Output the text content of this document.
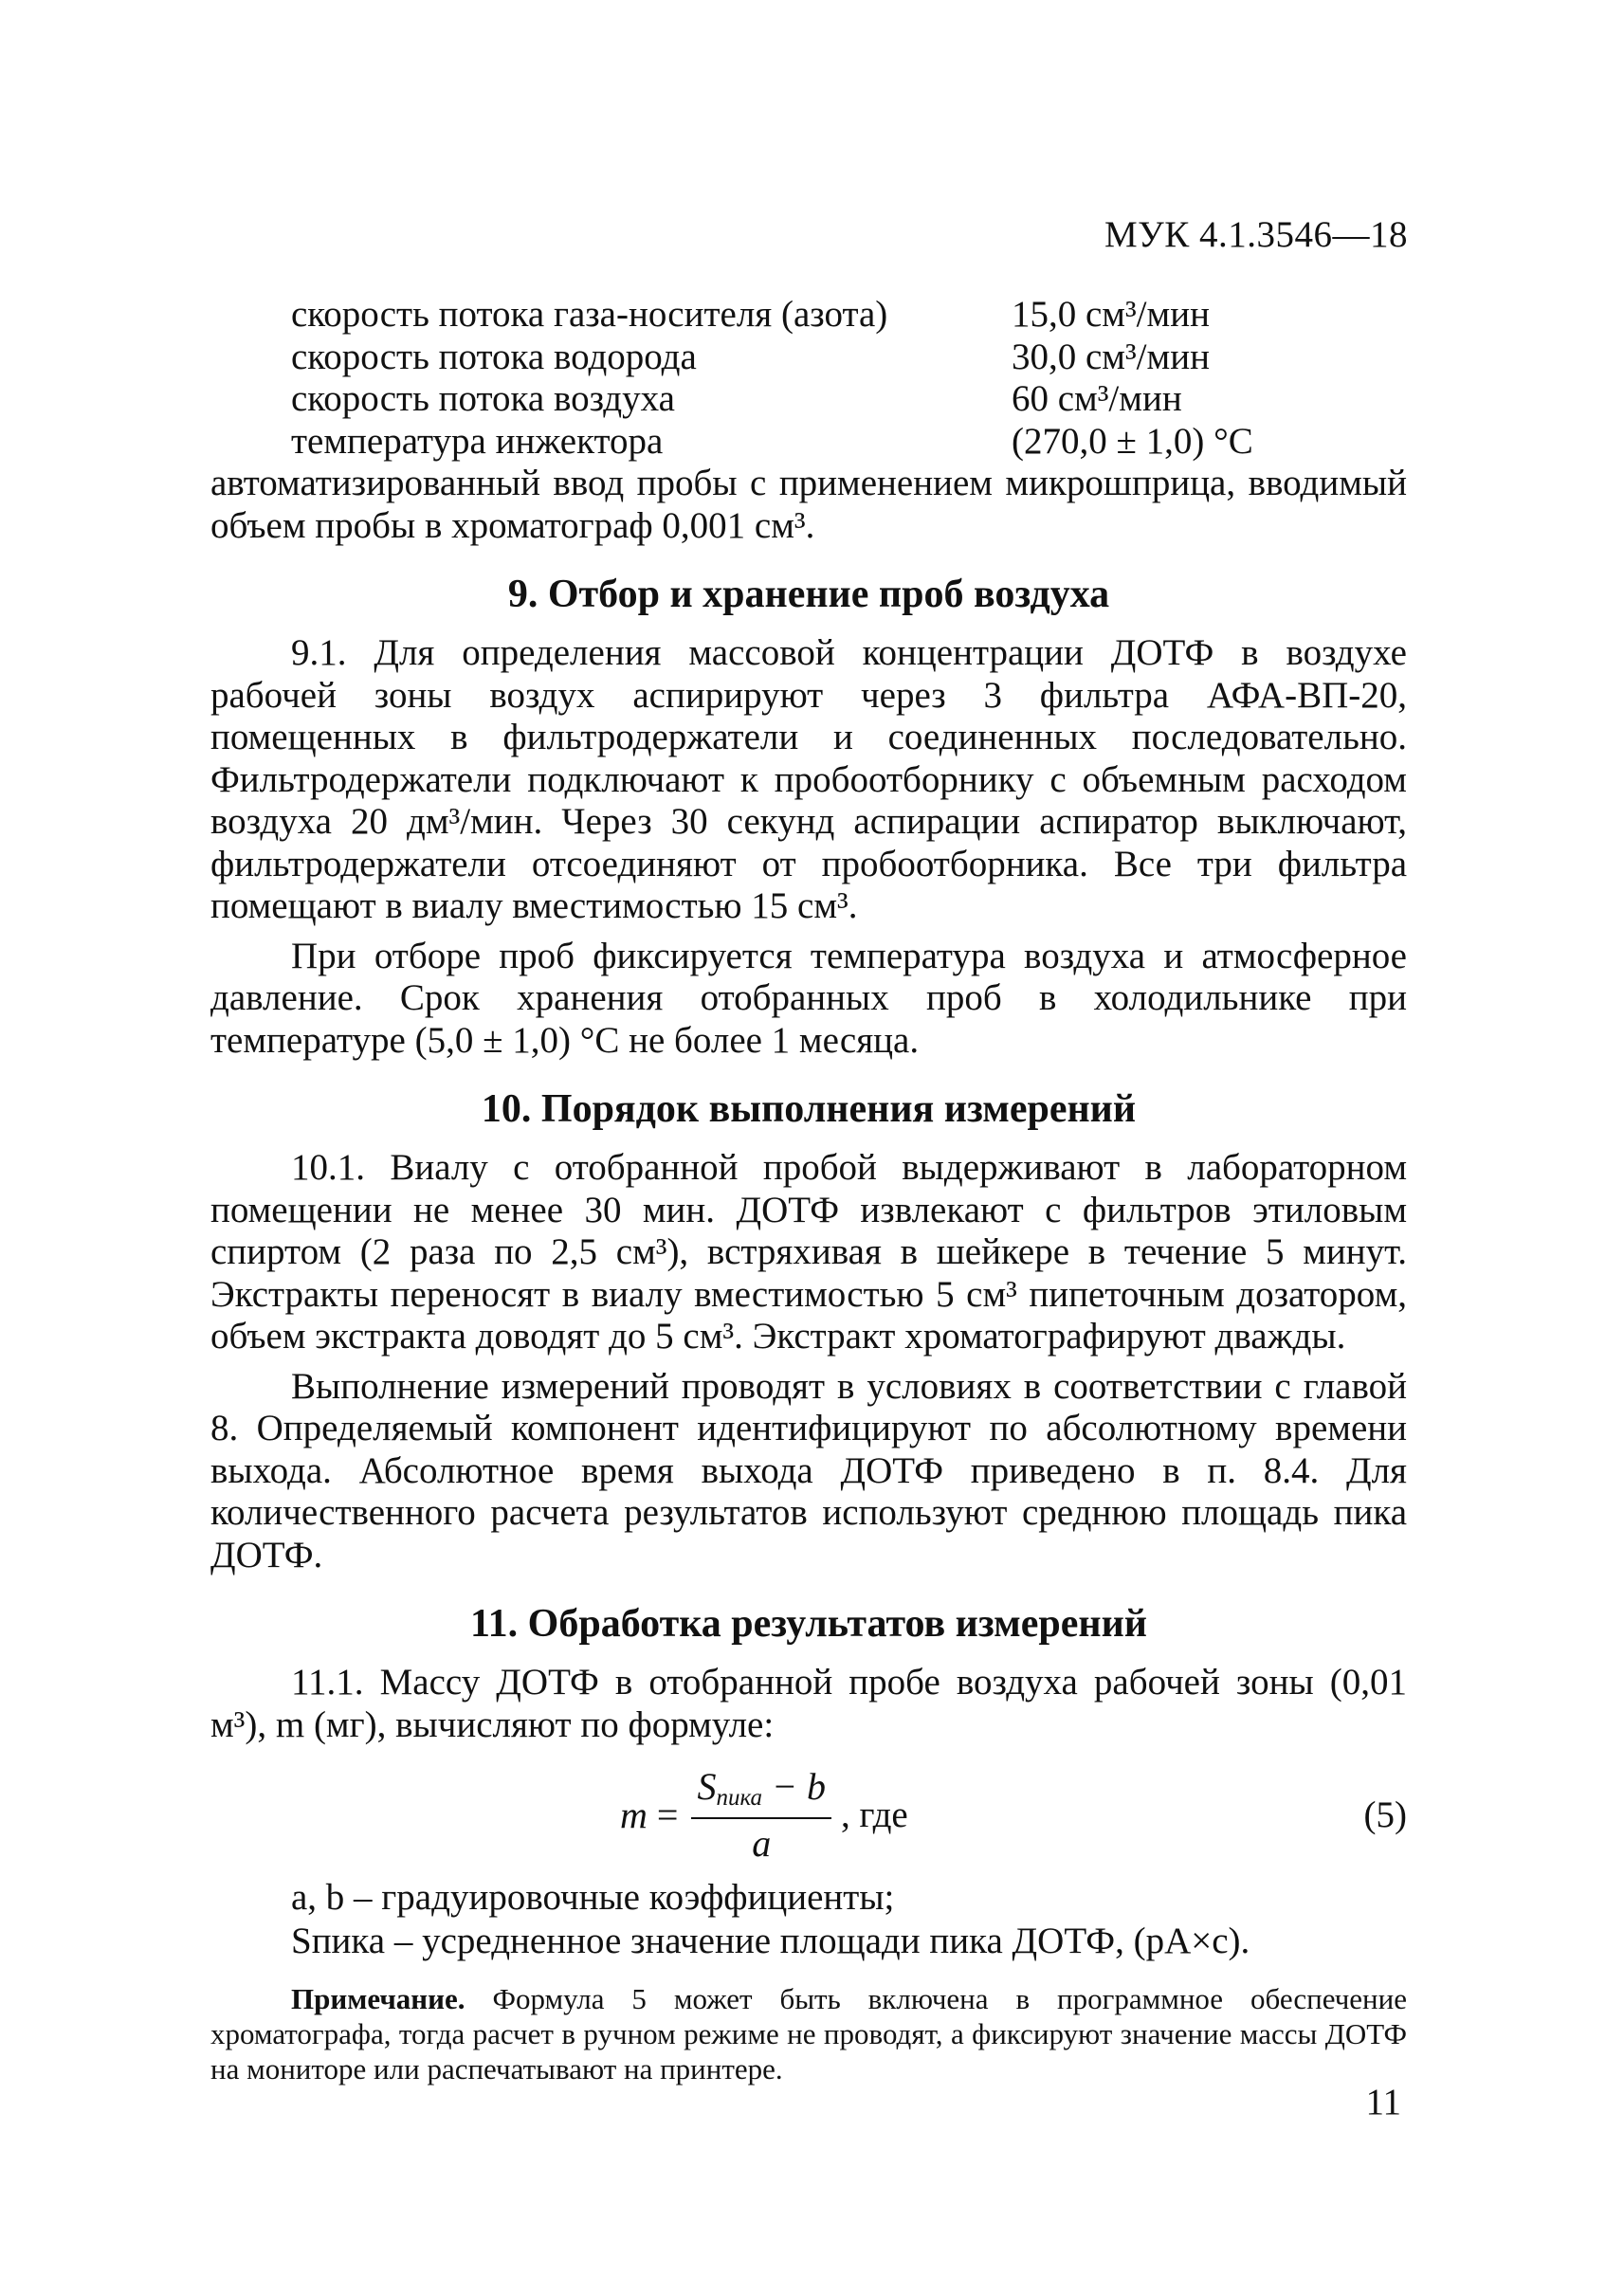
МУК 4.1.3546—18
скорость потока газа-носителя (азота)	15,0 см³/мин
скорость потока водорода	30,0 см³/мин
скорость потока воздуха	60 см³/мин
температура инжектора	(270,0 ± 1,0) °C

автоматизированный ввод пробы с применением микрошприца, вводимый объем пробы в хроматограф 0,001 см³.

9. Отбор и хранение проб воздуха

9.1. Для определения массовой концентрации ДОТФ в воздухе рабочей зоны воздух аспирируют через 3 фильтра АФА-ВП-20, помещенных в фильтродержатели и соединенных последовательно. Фильтродержатели подключают к пробоотборнику с объемным расходом воздуха 20 дм³/мин. Через 30 секунд аспирации аспиратор выключают, фильтродержатели отсоединяют от пробоотборника. Все три фильтра помещают в виалу вместимостью 15 см³.

При отборе проб фиксируется температура воздуха и атмосферное давление. Срок хранения отобранных проб в холодильнике при температуре (5,0 ± 1,0) °С не более 1 месяца.

10. Порядок выполнения измерений

10.1. Виалу с отобранной пробой выдерживают в лабораторном помещении не менее 30 мин. ДОТФ извлекают с фильтров этиловым спиртом (2 раза по 2,5 см³), встряхивая в шейкере в течение 5 минут. Экстракты переносят в виалу вместимостью 5 см³ пипеточным дозатором, объем экстракта доводят до 5 см³. Экстракт хроматографируют дважды.

Выполнение измерений проводят в условиях в соответствии с главой 8. Определяемый компонент идентифицируют по абсолютному времени выхода. Абсолютное время выхода ДОТФ приведено в п. 8.4. Для количественного расчета результатов используют среднюю площадь пика ДОТФ.

11. Обработка результатов измерений

11.1. Массу ДОТФ в отобранной пробе воздуха рабочей зоны (0,01 м³), m (мг), вычисляют по формуле:

$m = \frac{\text{Sпика − b}}{a}$ , где	(5)
a, b – градуировочные коэффициенты;
Sпика – усредненное значение площади пика ДОТФ, (рА×с).

Примечание. Формула 5 может быть включена в программное обеспечение хроматографа, тогда расчет в ручном режиме не проводят, а фиксируют значение массы ДОТФ на мониторе или распечатывают на принтере.

11
